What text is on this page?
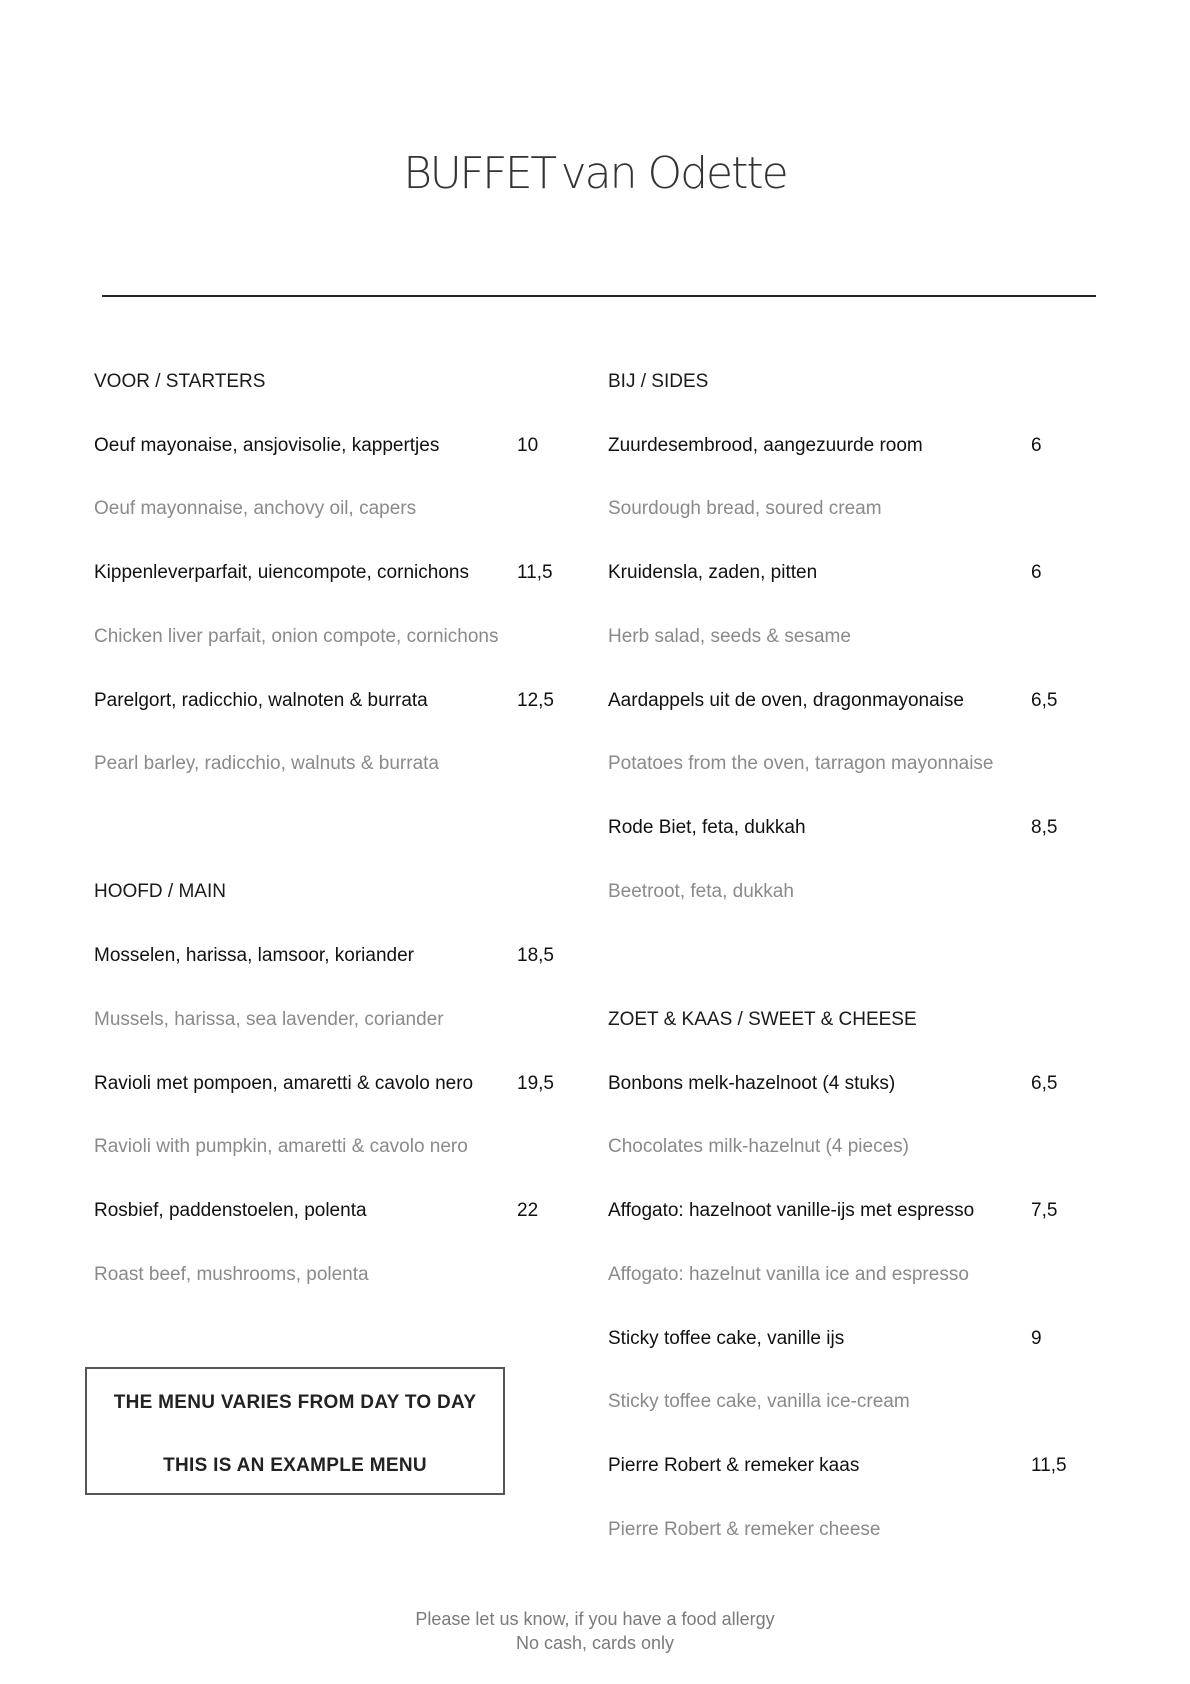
BUFFET van Odette
VOOR / STARTERS
Oeuf mayonaise, ansjovisolie, kappertjes	10
Oeuf mayonnaise, anchovy oil, capers
Kippenleverparfait, uiencompote, cornichons	11,5
Chicken liver parfait, onion compote, cornichons
Parelgort, radicchio, walnoten & burrata	12,5
Pearl barley, radicchio, walnuts & burrata
HOOFD / MAIN
Mosselen, harissa, lamsoor, koriander	18,5
Mussels, harissa, sea lavender, coriander
Ravioli met pompoen, amaretti & cavolo nero 19,5
Ravioli with pumpkin, amaretti & cavolo nero
Rosbief, paddenstoelen, polenta	22
Roast beef, mushrooms, polenta
THE MENU VARIES FROM DAY TO DAY
THIS IS AN EXAMPLE MENU
BIJ / SIDES
Zuurdesembrood, aangezuurde room	6
Sourdough bread, soured cream
Kruidensla, zaden, pitten	6
Herb salad, seeds & sesame
Aardappels uit de oven, dragonmayonaise	6,5
Potatoes from the oven, tarragon mayonnaise
Rode Biet, feta, dukkah	8,5
Beetroot, feta, dukkah
ZOET & KAAS / SWEET & CHEESE
Bonbons melk-hazelnoot (4 stuks)	6,5
Chocolates milk-hazelnut (4 pieces)
Affogato: hazelnoot vanille-ijs met espresso	7,5
Affogato: hazelnut vanilla ice and espresso
Sticky toffee cake, vanille ijs	9
Sticky toffee cake, vanilla ice-cream
Pierre Robert & remeker kaas	11,5
Pierre Robert & remeker cheese
Please let us know, if you have a food allergy
No cash, cards only
